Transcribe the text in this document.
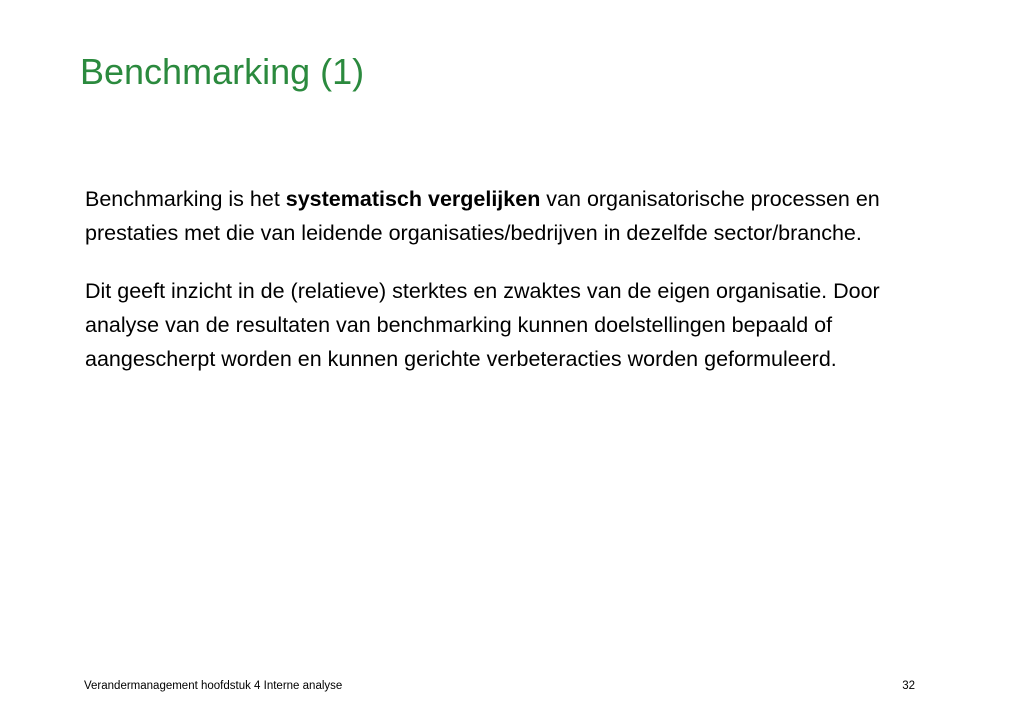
Benchmarking (1)

Benchmarking is het systematisch vergelijken van organisatorische processen en prestaties met die van leidende organisaties/bedrijven in dezelfde sector/branche.

Dit geeft inzicht in de (relatieve) sterktes en zwaktes van de eigen organisatie. Door analyse van de resultaten van benchmarking kunnen doelstellingen bepaald of aangescherpt worden en kunnen gerichte verbeteracties worden geformuleerd.

Verandermanagement hoofdstuk 4 Interne analyse	32
